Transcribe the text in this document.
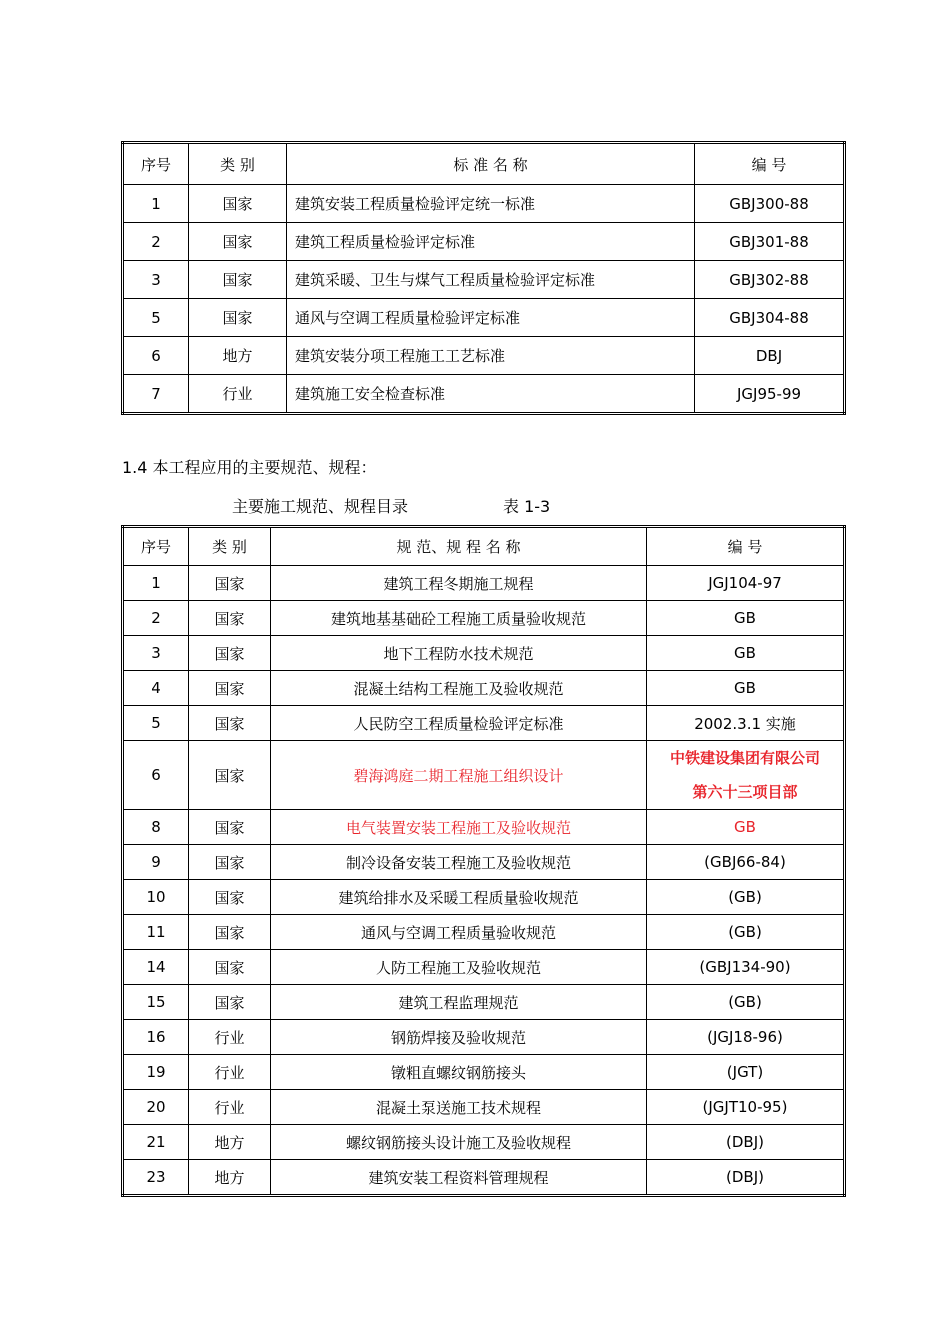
序号	类 别	标 准 名 称	编 号
1	国家	建筑安装工程质量检验评定统一标准	GBJ300-88
2	国家	建筑工程质量检验评定标准	GBJ301-88
3	国家	建筑采暖、卫生与煤气工程质量检验评定标准	GBJ302-88
5	国家	通风与空调工程质量检验评定标准	GBJ304-88
6	地方	建筑安装分项工程施工工艺标准	DBJ
7	行业	建筑施工安全检查标准	JGJ95-99
1.4 本工程应用的主要规范、规程：
主要施工规范、规程目录	表 1-3
序号	类 别	规 范、规 程 名 称	编 号
1	国家	建筑工程冬期施工规程	JGJ104-97
2	国家	建筑地基基础砼工程施工质量验收规范	GB
3	国家	地下工程防水技术规范	GB
4	国家	混凝土结构工程施工及验收规范	GB
5	国家	人民防空工程质量检验评定标准	2002.3.1 实施
6	国家	碧海鸿庭二期工程施工组织设计	中铁建设集团有限公司
第六十三项目部

8	国家	电气装置安装工程施工及验收规范	GB
9	国家	制冷设备安装工程施工及验收规范	(GBJ66-84)
10	国家	建筑给排水及采暖工程质量验收规范	(GB)
11	国家	通风与空调工程质量验收规范	(GB)
14	国家	人防工程施工及验收规范	(GBJ134-90)
15	国家	建筑工程监理规范	(GB)
16	行业	钢筋焊接及验收规范	(JGJ18-96)
19	行业	镦粗直螺纹钢筋接头	(JGT)
20	行业	混凝土泵送施工技术规程	(JGJT10-95)
21	地方	螺纹钢筋接头设计施工及验收规程	(DBJ)
23	地方	建筑安装工程资料管理规程	(DBJ)
